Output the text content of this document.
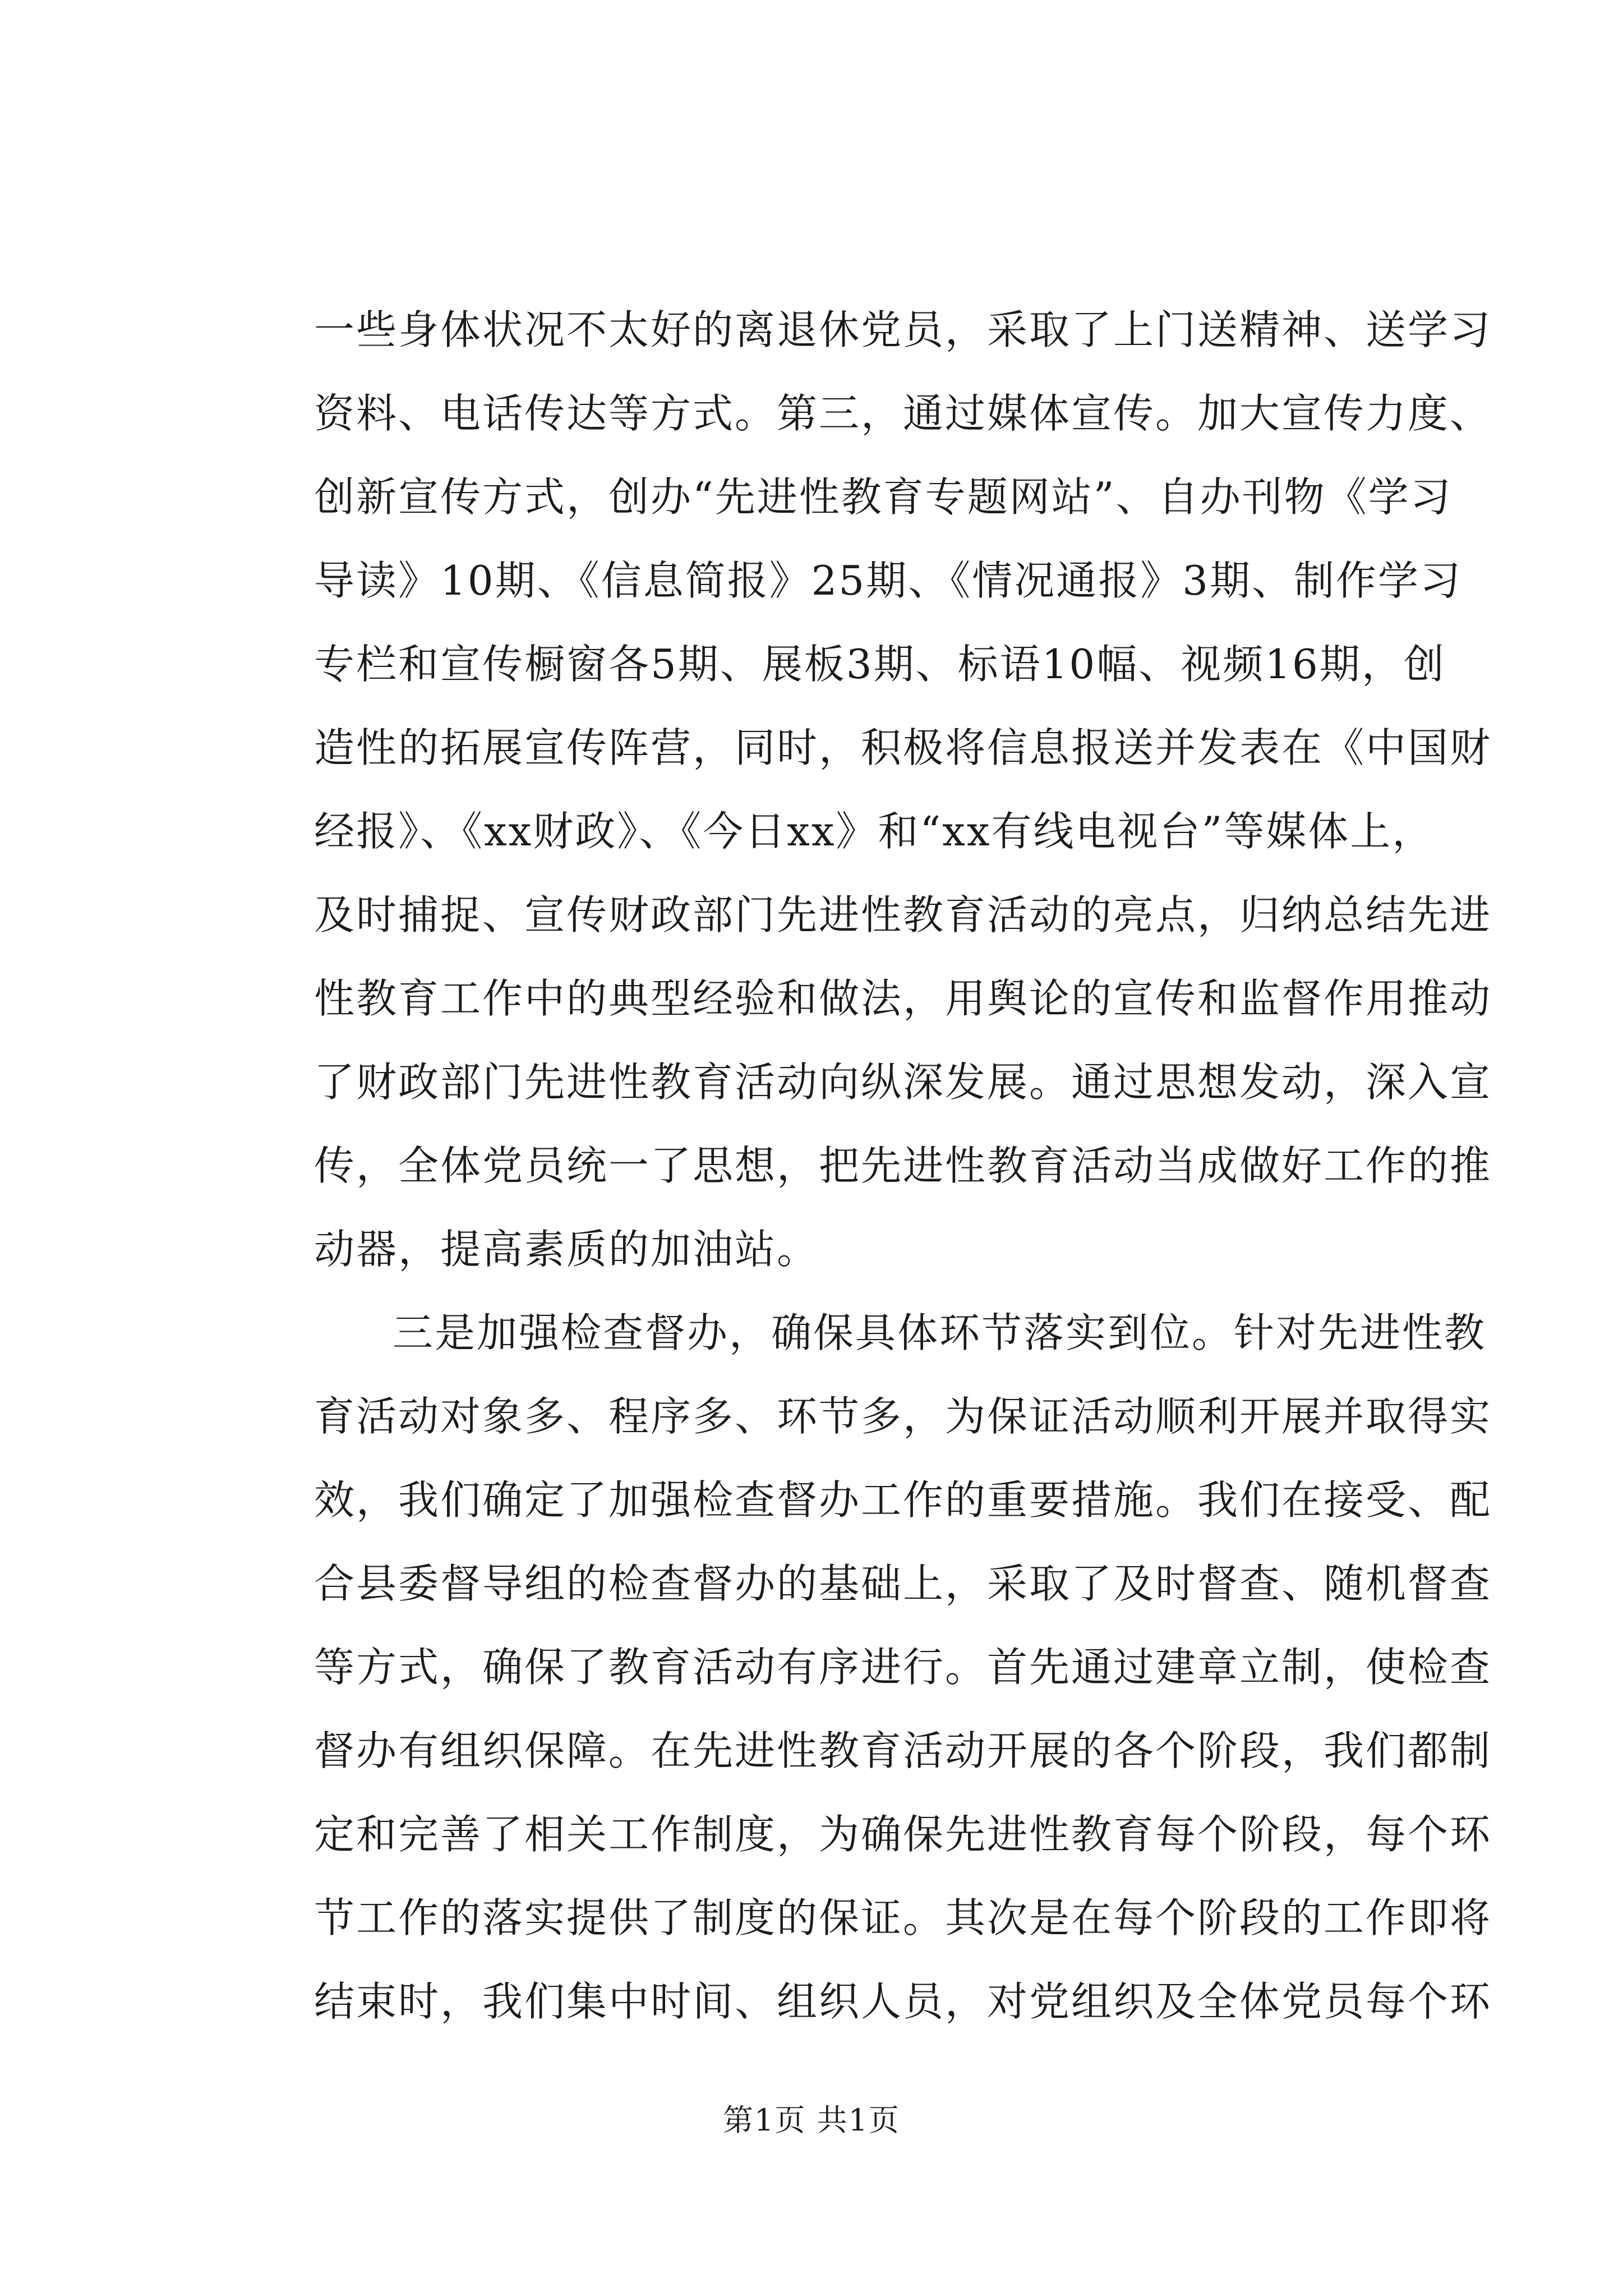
一些身体状况不太好的离退休党员，采取了上门送精神、送学习
资料、电话传达等方式。第三，通过媒体宣传。加大宣传力度、
创新宣传方式，创办“先进性教育专题网站”、自办刊物《学习
导读》10期、《信息简报》25期、《情况通报》3期、制作学习
专栏和宣传橱窗各5期、展板3期、标语10幅、视频16期，创
造性的拓展宣传阵营，同时，积极将信息报送并发表在《中国财
经报》、《xx财政》、《今日xx》和“xx有线电视台”等媒体上，
及时捕捉、宣传财政部门先进性教育活动的亮点，归纳总结先进
性教育工作中的典型经验和做法，用舆论的宣传和监督作用推动
了财政部门先进性教育活动向纵深发展。通过思想发动，深入宣
传，全体党员统一了思想，把先进性教育活动当成做好工作的推
动器，提高素质的加油站。
三是加强检查督办，确保具体环节落实到位。针对先进性教
育活动对象多、程序多、环节多，为保证活动顺利开展并取得实
效，我们确定了加强检查督办工作的重要措施。我们在接受、配
合县委督导组的检查督办的基础上，采取了及时督查、随机督查
等方式，确保了教育活动有序进行。首先通过建章立制，使检查
督办有组织保障。在先进性教育活动开展的各个阶段，我们都制
定和完善了相关工作制度，为确保先进性教育每个阶段，每个环
节工作的落实提供了制度的保证。其次是在每个阶段的工作即将
结束时，我们集中时间、组织人员，对党组织及全体党员每个环
第1页 共1页
